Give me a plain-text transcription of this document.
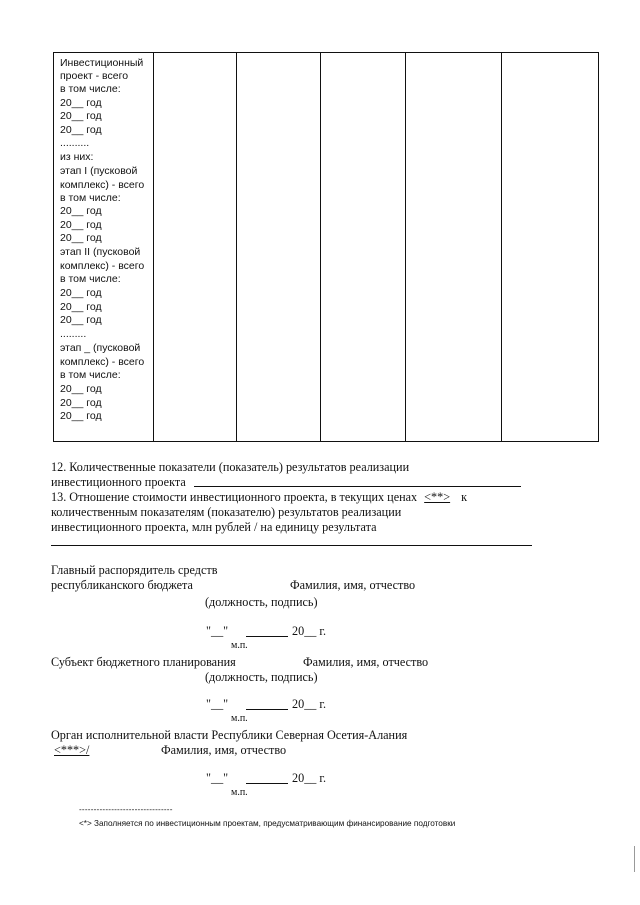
Инвестиционный
проект - всего
в том числе:
20__ год
20__ год
20__ год
..........
из них:
этап I (пусковой
комплекс) - всего
в том числе:
20__ год
20__ год
20__ год
этап II (пусковой
комплекс) - всего
в том числе:
20__ год
20__ год
20__ год
.........
этап _ (пусковой
комплекс) - всего
в том числе:
20__ год
20__ год
20__ год
12. Количественные показатели (показатель) результатов реализации
инвестиционного проекта
13. Отношение стоимости инвестиционного проекта, в текущих ценах <**> к
количественным показателям (показателю) результатов реализации
инвестиционного проекта, млн рублей / на единицу результата
Главный распорядитель средств
республиканского бюджета	Фамилия, имя, отчество
(должность, подпись)
"__"	20__ г.
м.п.
Субъект бюджетного планирования	Фамилия, имя, отчество
(должность, подпись)
"__"	20__ г.
м.п.
Орган исполнительной власти Республики Северная Осетия-Алания
<***>/	Фамилия, имя, отчество
"__"	20__ г.
м.п.
--------------------------------
<*> Заполняется по инвестиционным проектам, предусматривающим финансирование подготовки
